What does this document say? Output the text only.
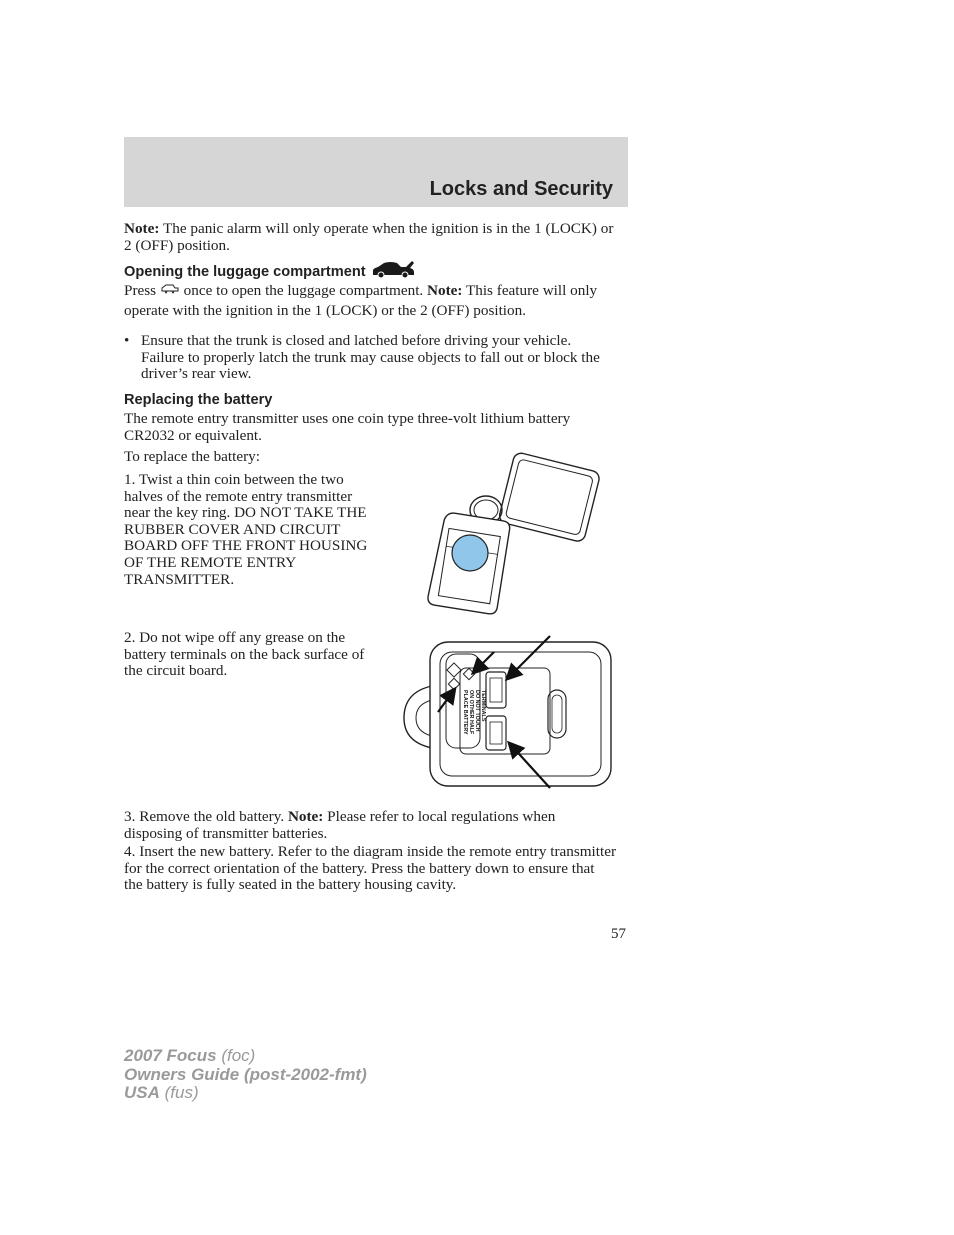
Locks and Security
Note: The panic alarm will only operate when the ignition is in the 1 (LOCK) or 2 (OFF) position.
Opening the luggage compartment
Press  once to open the luggage compartment. Note: This feature will only operate with the ignition in the 1 (LOCK) or the 2 (OFF) position.
• Ensure that the trunk is closed and latched before driving your vehicle. Failure to properly latch the trunk may cause objects to fall out or block the driver’s rear view.
Replacing the battery
The remote entry transmitter uses one coin type three-volt lithium battery CR2032 or equivalent.
To replace the battery:
1. Twist a thin coin between the two halves of the remote entry transmitter near the key ring. DO NOT TAKE THE RUBBER COVER AND CIRCUIT BOARD OFF THE FRONT HOUSING OF THE REMOTE ENTRY TRANSMITTER.
2. Do not wipe off any grease on the battery terminals on the back surface of the circuit board.
PLACE BATTERY ON OTHER HALF DO NOT TOUCH TERMINALS
3. Remove the old battery. Note: Please refer to local regulations when disposing of transmitter batteries.
4. Insert the new battery. Refer to the diagram inside the remote entry transmitter for the correct orientation of the battery. Press the battery down to ensure that the battery is fully seated in the battery housing cavity.
57
2007 Focus (foc)
Owners Guide (post-2002-fmt)
USA (fus)
